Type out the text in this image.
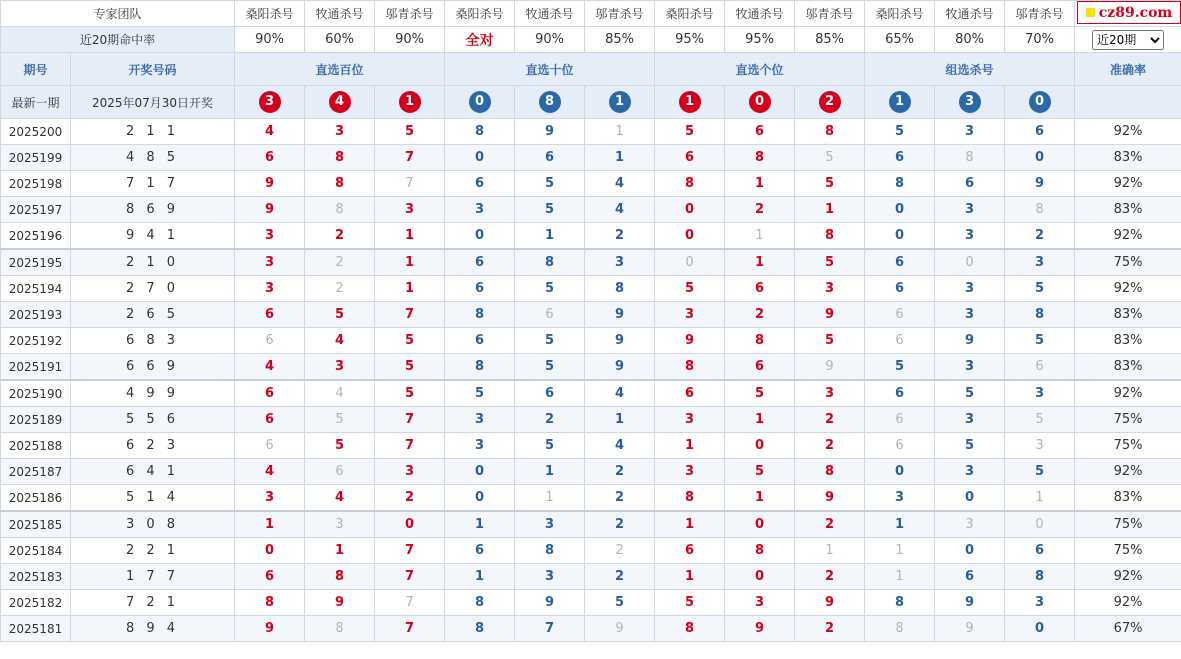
专家团队		桑阳杀号	牧通杀号	邬青杀号	桑阳杀号	牧通杀号	邬青杀号	桑阳杀号	牧通杀号	邬青杀号	桑阳杀号	牧通杀号	邬青杀号	
近20期命中率		90%	60%	90%	全对	90%	85%	95%	95%	85%	65%	80%	70%	
近20期
期号	开奖号码	直选百位			直选十位			直选个位			组选杀号			准确率
最新一期	2025年07月30日开奖	3	4	1	0	8	1	1	0	2	1	3	0	
2025200	2 1 1	4	3	5	8	9	1	5	6	8	5	3	6	92%
2025199	4 8 5	6	8	7	0	6	1	6	8	5	6	8	0	83%
2025198	7 1 7	9	8	7	6	5	4	8	1	5	8	6	9	92%
2025197	8 6 9	9	8	3	3	5	4	0	2	1	0	3	8	83%
2025196	9 4 1	3	2	1	0	1	2	0	1	8	0	3	2	92%
2025195	2 1 0	3	2	1	6	8	3	0	1	5	6	0	3	75%
2025194	2 7 0	3	2	1	6	5	8	5	6	3	6	3	5	92%
2025193	2 6 5	6	5	7	8	6	9	3	2	9	6	3	8	83%
2025192	6 8 3	6	4	5	6	5	9	9	8	5	6	9	5	83%
2025191	6 6 9	4	3	5	8	5	9	8	6	9	5	3	6	83%
2025190	4 9 9	6	4	5	5	6	4	6	5	3	6	5	3	92%
2025189	5 5 6	6	5	7	3	2	1	3	1	2	6	3	5	75%
2025188	6 2 3	6	5	7	3	5	4	1	0	2	6	5	3	75%
2025187	6 4 1	4	6	3	0	1	2	3	5	8	0	3	5	92%
2025186	5 1 4	3	4	2	0	1	2	8	1	9	3	0	1	83%
2025185	3 0 8	1	3	0	1	3	2	1	0	2	1	3	0	75%
2025184	2 2 1	0	1	7	6	8	2	6	8	1	1	0	6	75%
2025183	1 7 7	6	8	7	1	3	2	1	0	2	1	6	8	92%
2025182	7 2 1	8	9	7	8	9	5	5	3	9	8	9	3	92%
2025181	8 9 4	9	8	7	8	7	9	8	9	2	8	9	0	67%
cz89.com
